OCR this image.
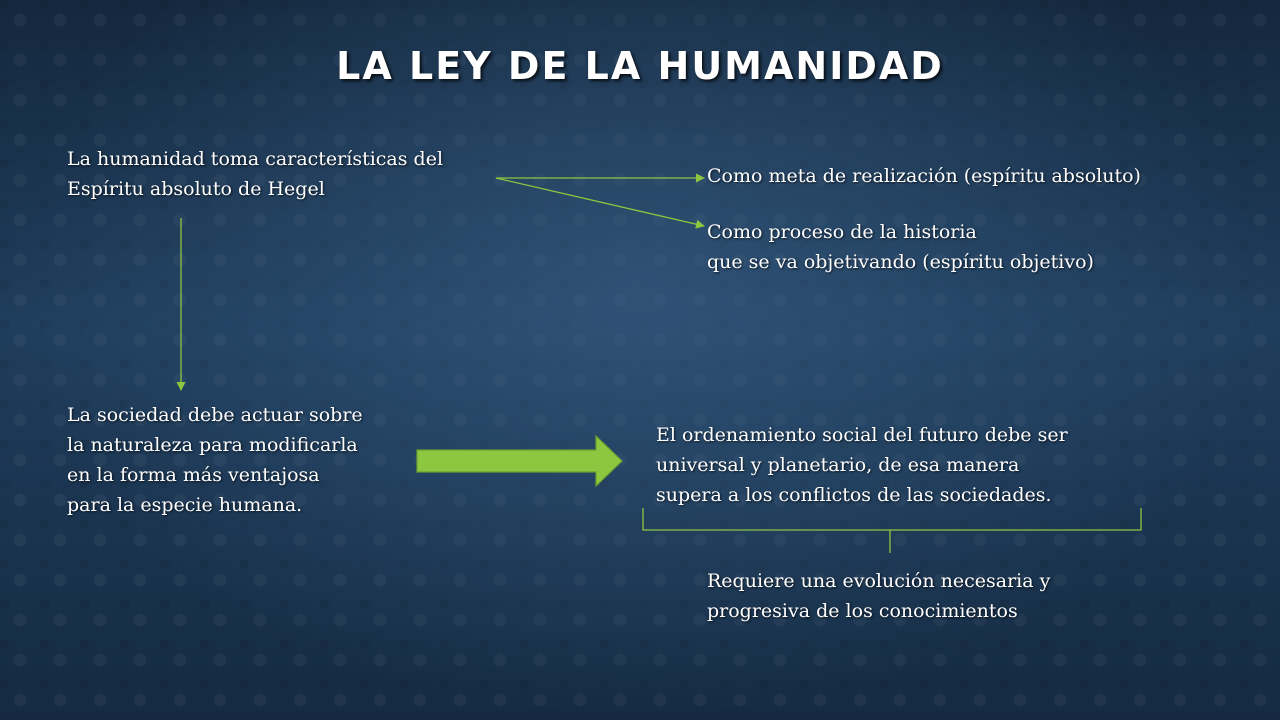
LA LEY DE LA HUMANIDAD
La humanidad toma características del
Espíritu absoluto de Hegel
Como meta de realización (espíritu absoluto)
Como proceso de la historia
que se va objetivando (espíritu objetivo)
La sociedad debe actuar sobre
la naturaleza para modificarla
en la forma más ventajosa
para la especie humana.
El ordenamiento social del futuro debe ser
universal y planetario, de esa manera
supera a los conflictos de las sociedades.
Requiere una evolución necesaria y
progresiva de los conocimientos
